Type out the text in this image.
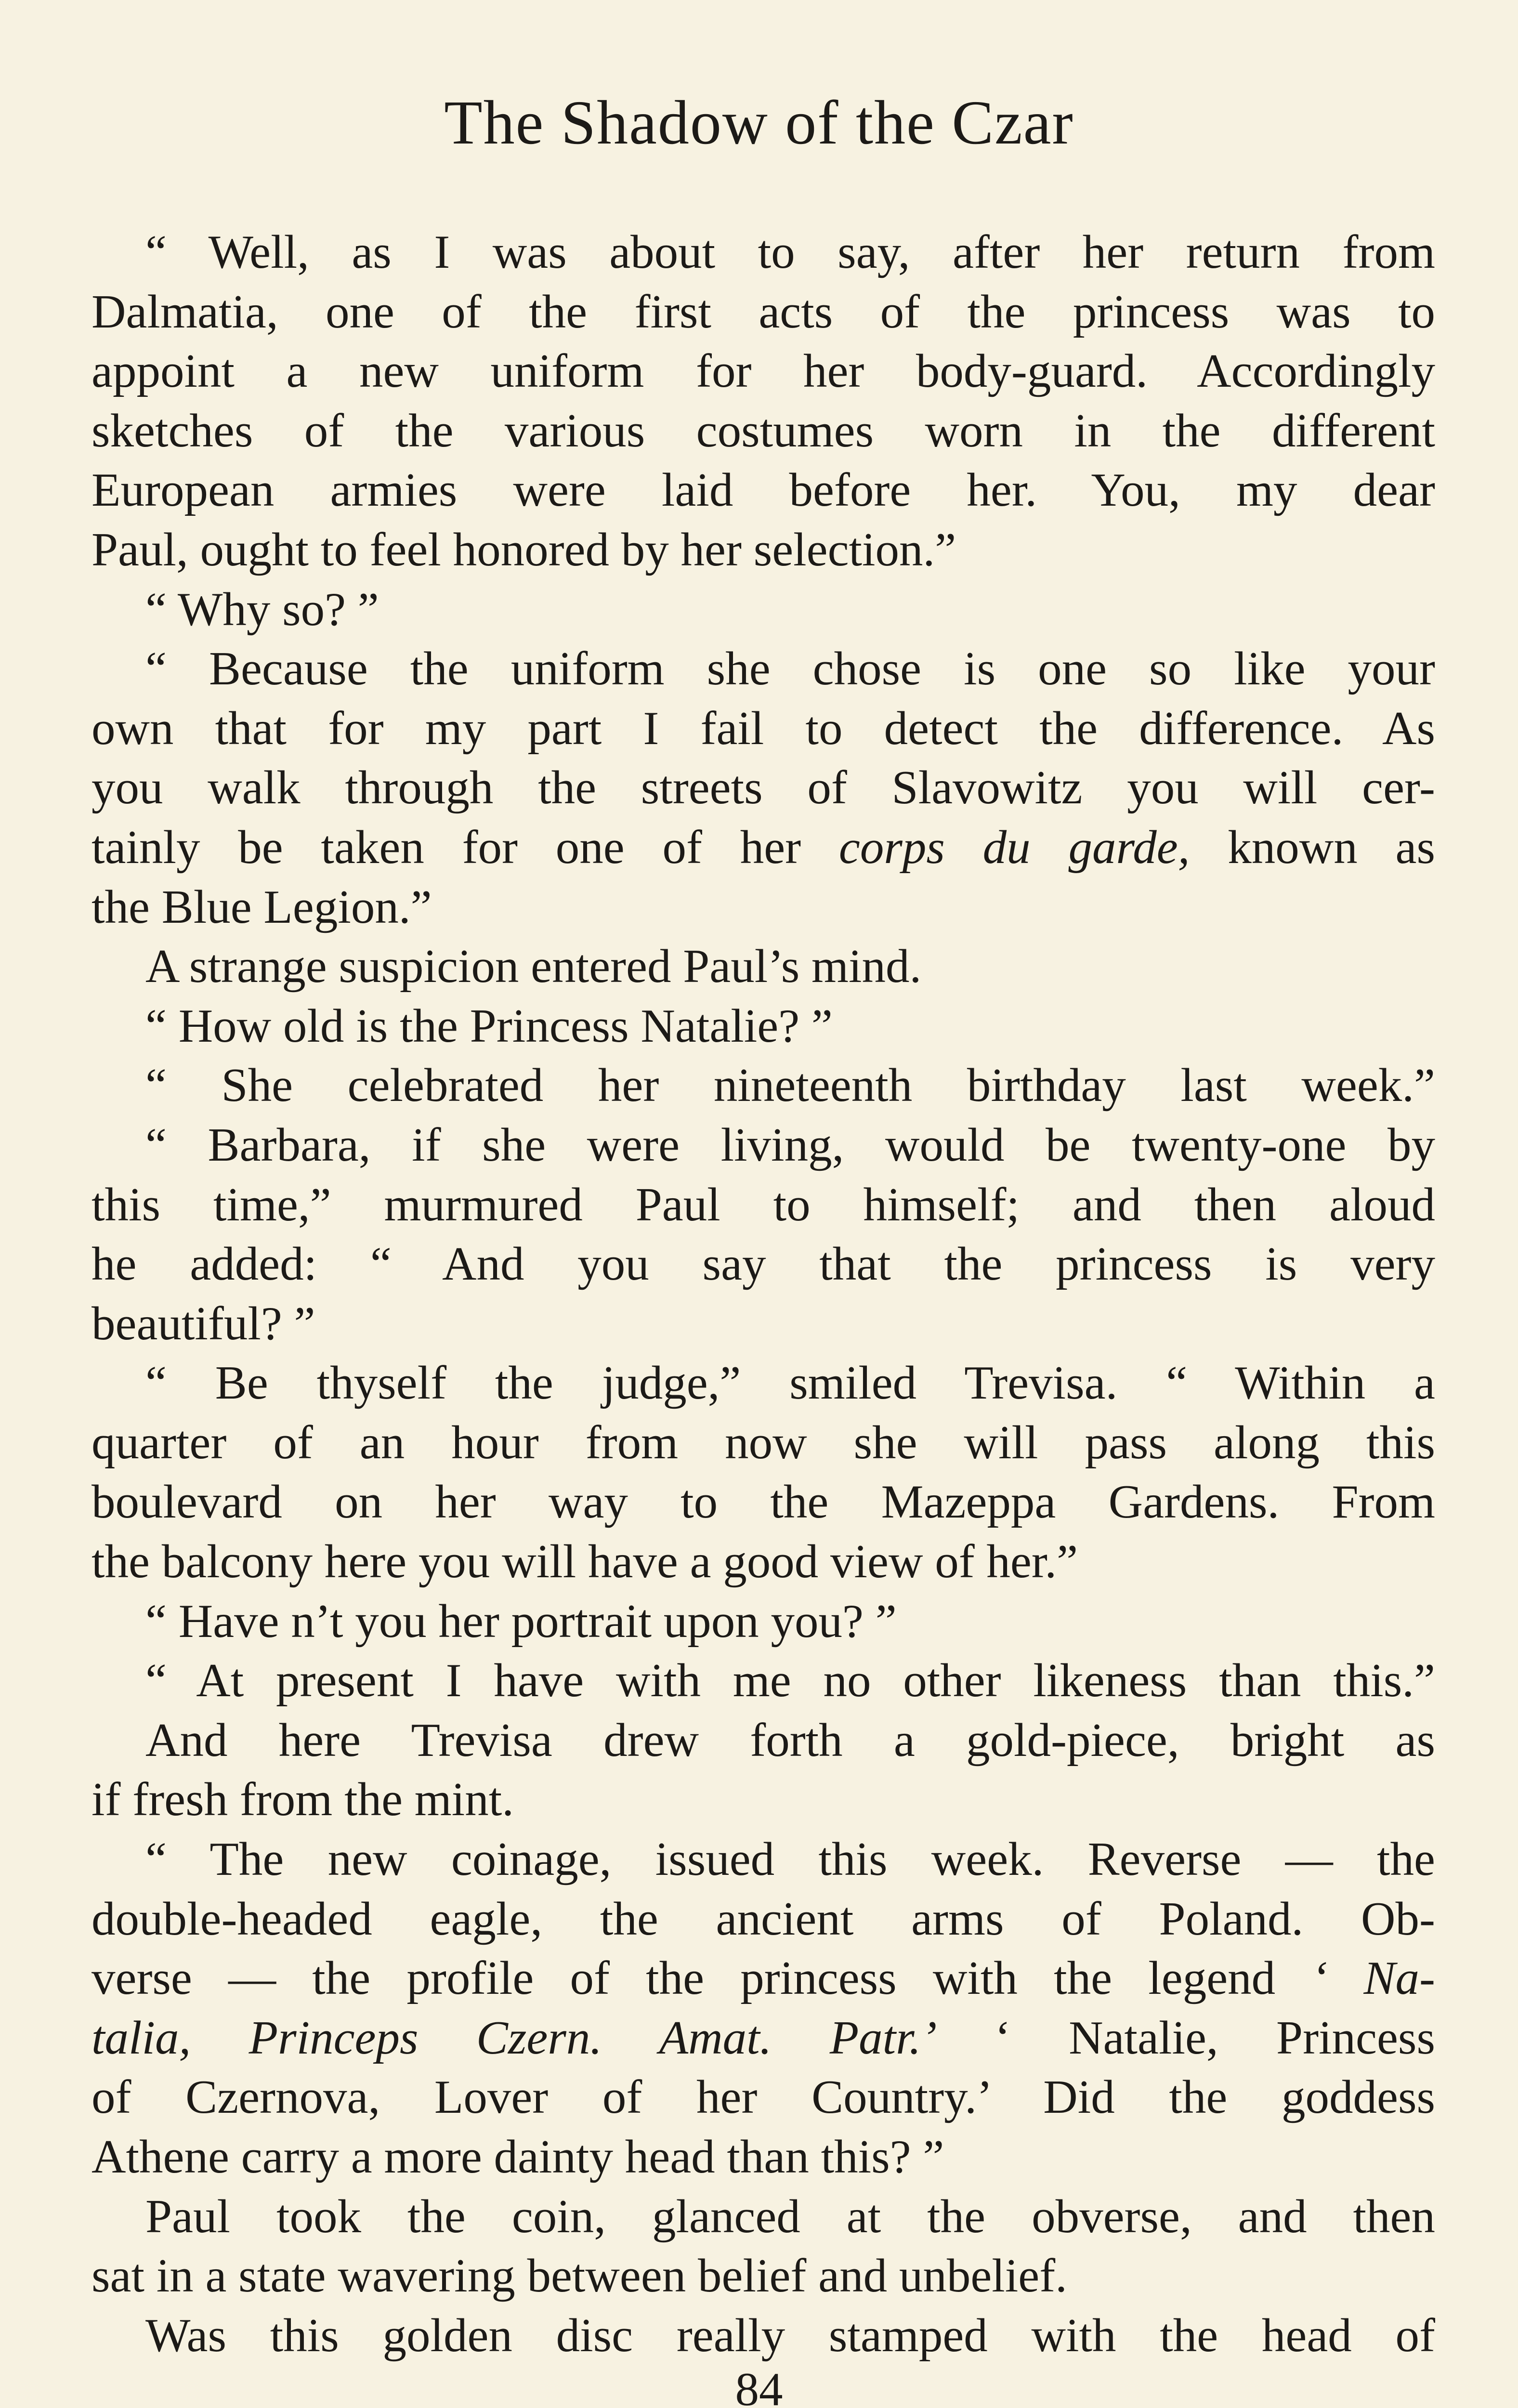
The Shadow of the Czar
“ Well, as I was about to say, after her return from
Dalmatia, one of the first acts of the princess was to
appoint a new uniform for her body-guard. Accordingly
sketches of the various costumes worn in the different
European armies were laid before her. You, my dear
Paul, ought to feel honored by her selection.”
“ Why so? ”
“ Because the uniform she chose is one so like your
own that for my part I fail to detect the difference. As
you walk through the streets of Slavowitz you will cer-
tainly be taken for one of her corps du garde, known as
the Blue Legion.”
A strange suspicion entered Paul’s mind.
“ How old is the Princess Natalie? ”
“ She celebrated her nineteenth birthday last week.”
“ Barbara, if she were living, would be twenty-one by
this time,” murmured Paul to himself; and then aloud
he added: “ And you say that the princess is very
beautiful? ”
“ Be thyself the judge,” smiled Trevisa. “ Within a
quarter of an hour from now she will pass along this
boulevard on her way to the Mazeppa Gardens. From
the balcony here you will have a good view of her.”
“ Have n’t you her portrait upon you? ”
“ At present I have with me no other likeness than this.”
And here Trevisa drew forth a gold-piece, bright as
if fresh from the mint.
“ The new coinage, issued this week. Reverse — the
double-headed eagle, the ancient arms of Poland. Ob-
verse — the profile of the princess with the legend ‘ Na-
talia, Princeps Czern. Amat. Patr.’ ‘ Natalie, Princess
of Czernova, Lover of her Country.’ Did the goddess
Athene carry a more dainty head than this? ”
Paul took the coin, glanced at the obverse, and then
sat in a state wavering between belief and unbelief.
Was this golden disc really stamped with the head of
84
